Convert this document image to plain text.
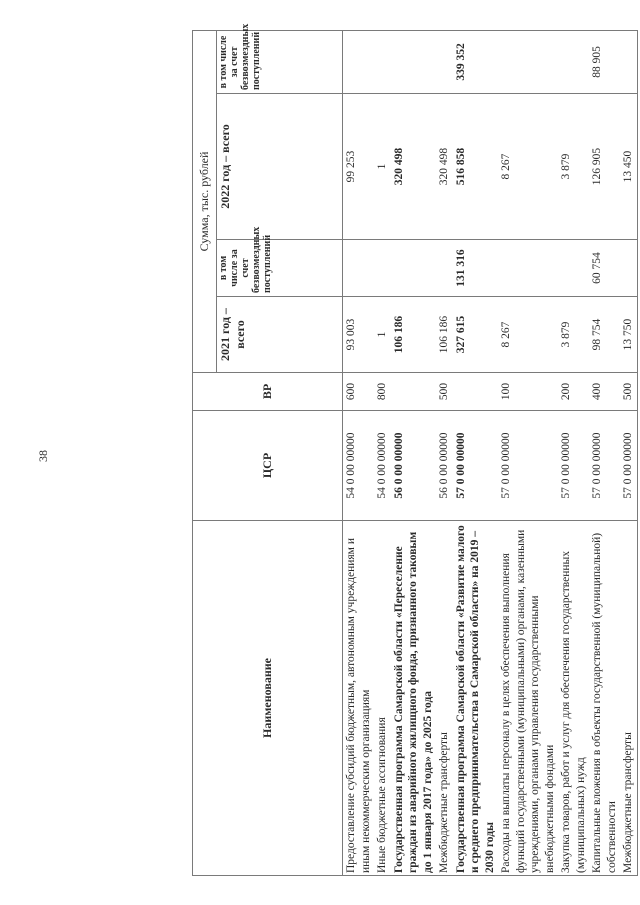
38
Наименование	ЦСР	ВР	Сумма, тыс. рублей			
			2021 год – всего	в том числе за счет безвозмездных поступлений	2022 год – всего	в том числе за счет безвозмездных поступлений
Предоставление субсидий бюджетным, автономным учреждениям и иным некоммерческим организациям	54 0 00 00000	600	93 003		99 253	
Иные бюджетные ассигнования	54 0 00 00000	800	1		1	
Государственная программа Самарской области «Переселение граждан из аварийного жилищного фонда, признанного таковым до 1 января 2017 года» до 2025 года	56 0 00 00000		106 186		320 498	
Межбюджетные трансферты	56 0 00 00000	500	106 186		320 498	
Государственная программа Самарской области «Развитие малого и среднего предпринимательства в Самарской области» на 2019 – 2030 годы	57 0 00 00000		327 615	131 316	516 858	339 352
Расходы на выплаты персоналу в целях обеспечения выполнения функций государственными (муниципальными) органами, казенными учреждениями, органами управления государственными внебюджетными фондами	57 0 00 00000	100	8 267		8 267	
Закупка товаров, работ и услуг для обеспечения государственных (муниципальных) нужд	57 0 00 00000	200	3 879		3 879	
Капитальные вложения в объекты государственной (муниципальной) собственности	57 0 00 00000	400	98 754	60 754	126 905	88 905
Межбюджетные трансферты	57 0 00 00000	500	13 750		13 450	
